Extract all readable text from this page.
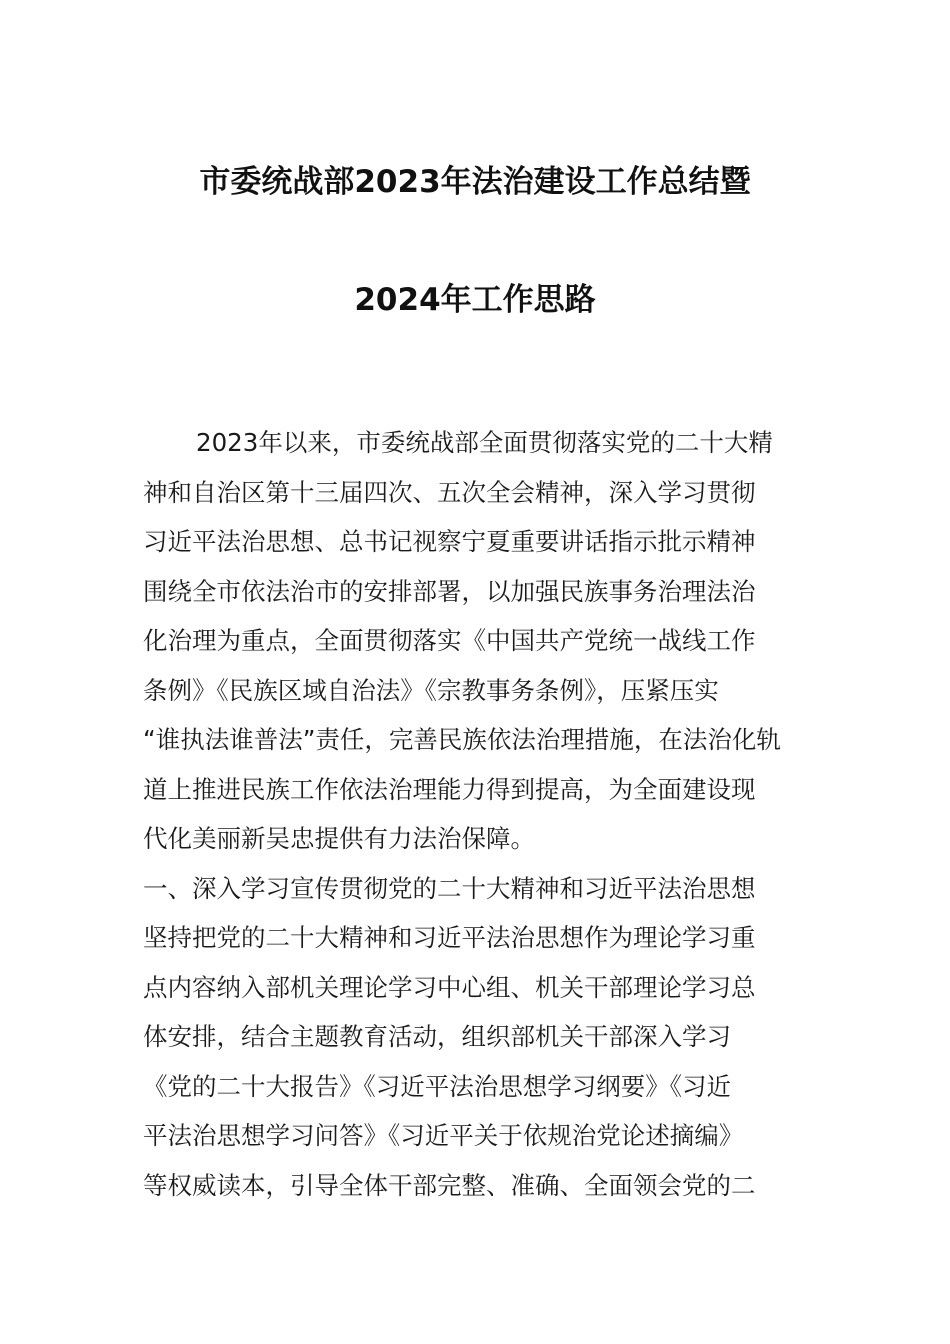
市委统战部2023年法治建设工作总结暨
2024年工作思路
2023年以来，市委统战部全面贯彻落实党的二十大精
神和自治区第十三届四次、五次全会精神，深入学习贯彻
习近平法治思想、总书记视察宁夏重要讲话指示批示精神
围绕全市依法治市的安排部署，以加强民族事务治理法治
化治理为重点，全面贯彻落实《中国共产党统一战线工作
条例》《民族区域自治法》《宗教事务条例》，压紧压实
“谁执法谁普法”责任，完善民族依法治理措施，在法治化轨
道上推进民族工作依法治理能力得到提高，为全面建设现
代化美丽新吴忠提供有力法治保障。
一、深入学习宣传贯彻党的二十大精神和习近平法治思想
坚持把党的二十大精神和习近平法治思想作为理论学习重
点内容纳入部机关理论学习中心组、机关干部理论学习总
体安排，结合主题教育活动，组织部机关干部深入学习
《党的二十大报告》《习近平法治思想学习纲要》《习近
平法治思想学习问答》《习近平关于依规治党论述摘编》
等权威读本，引导全体干部完整、准确、全面领会党的二
